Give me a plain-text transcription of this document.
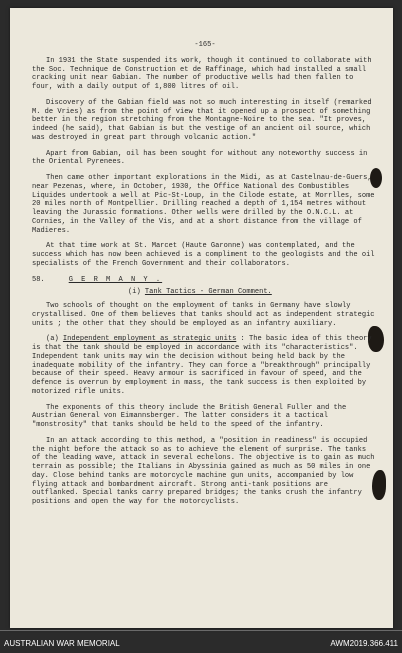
-165-

In 1931 the State suspended its work, though it continued to collaborate with the Soc. Technique de Construction et de Raffinage, which had installed a small cracking unit near Gabian. The number of productive wells had then fallen to four, with a daily output of 1,800 litres of oil.

Discovery of the Gabian field was not so much interesting in itself (remarked M. de Vries) as from the point of view that it opened up a prospect of something better in the region stretching from the Montagne-Noire to the sea. "It proves, indeed (he said), that Gabian is but the vestige of an ancient oil source, which was destroyed in great part through volcanic action."

Apart from Gabian, oil has been sought for without any noteworthy success in the Oriental Pyrenees.

Then came other important explorations in the Midi, as at Castelnau-de-Guers, near Pezenas, where, in October, 1930, the Office National des Combustibles Liquides undertook a well at Pic-St-Loup, in the Cilode estate, at Morrlles, some 20 miles north of Montpellier. Drilling reached a depth of 1,154 metres without leaving the Jurassic formations. Other wells were drilled by the O.N.C.L. at Cornies, in the Valley of the Vis, and at a short distance from the village of Madieres.

At that time work at St. Marcet (Haute Garonne) was contemplated, and the success which has now been achieved is a compliment to the geologists and the oil specialists of the French Government and their collaborators.

58.	G E R M A N Y .
(i) Tank Tactics - German Comment.

Two schools of thought on the employment of tanks in Germany have slowly crystallised. One of them believes that tanks should act as independent strategic units ; the other that they should be employed as an infantry auxiliary.

(a) Independent employment as strategic units : The basic idea of this theory is that the tank should be employed in accordance with its "characteristics". Independent tank units may win the decision without being held back by the inadequate mobility of the infantry. They can force a "breakthrough" principally because of their speed. Heavy armour is sacrificed in favour of speed, and the defence is overrun by employment in mass, the tank success is then exploited by motorized rifle units.

The exponents of this theory include the British General Fuller and the Austrian General von Eimannsberger. The latter considers it a tactical "monstrosity" that tanks should be held to the speed of the infantry.

In an attack according to this method, a "position in readiness" is occupied the night before the attack so as to achieve the element of surprise. The tanks of the leading wave, attack in several echelons. The objective is to gain as much terrain as possible; the Italians in Abyssinia gained as much as 50 miles in one day. Close behind tanks are motorcycle machine gun units, accompanied by low flying attack and bombardment aircraft. Strong anti-tank positions are outflanked. Special tanks carry prepared bridges; the tanks crush the infantry positions and open the way for the motorcyclists.

AUSTRALIAN WAR MEMORIAL	AWM2019.366.411
